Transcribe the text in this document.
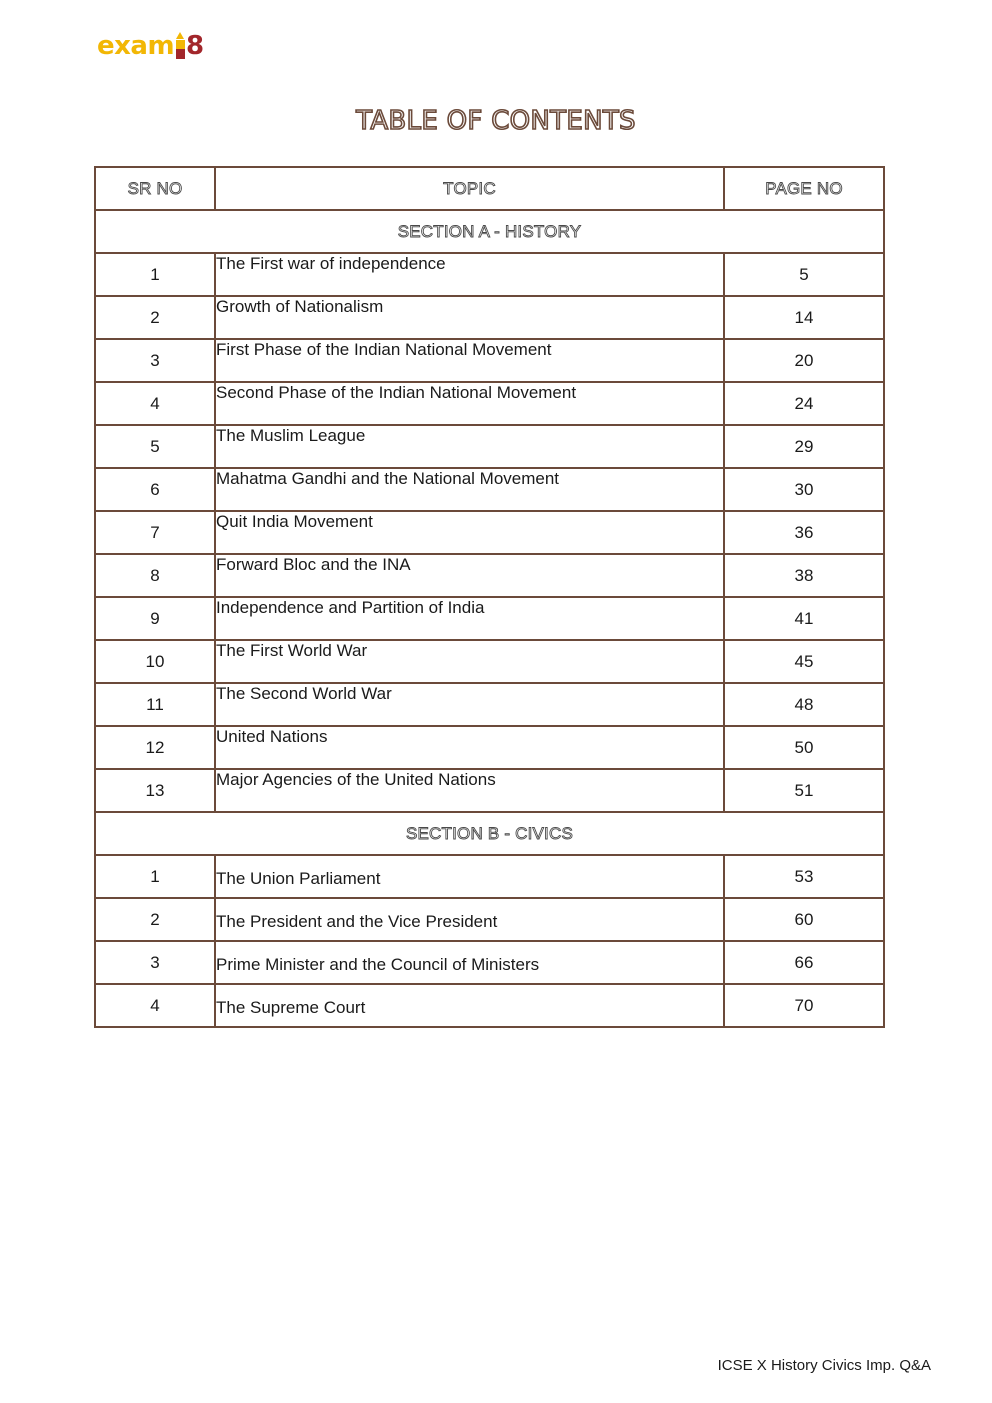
exam 8
TABLE OF CONTENTS
SR NO	TOPIC	PAGE NO
SECTION A - HISTORY		
1	The First war of independence	5
2	Growth of Nationalism	14
3	First Phase of the Indian National Movement	20
4	Second Phase of the Indian National Movement	24
5	The Muslim League	29
6	Mahatma Gandhi and the National Movement	30
7	Quit India Movement	36
8	Forward Bloc and the INA	38
9	Independence and Partition of India	41
10	The First World War	45
11	The Second World War	48
12	United Nations	50
13	Major Agencies of the United Nations	51
SECTION B - CIVICS		
1	The Union Parliament	53
2	The President and the Vice President	60
3	Prime Minister and the Council of Ministers	66
4	The Supreme Court	70
ICSE X History Civics Imp. Q&A
